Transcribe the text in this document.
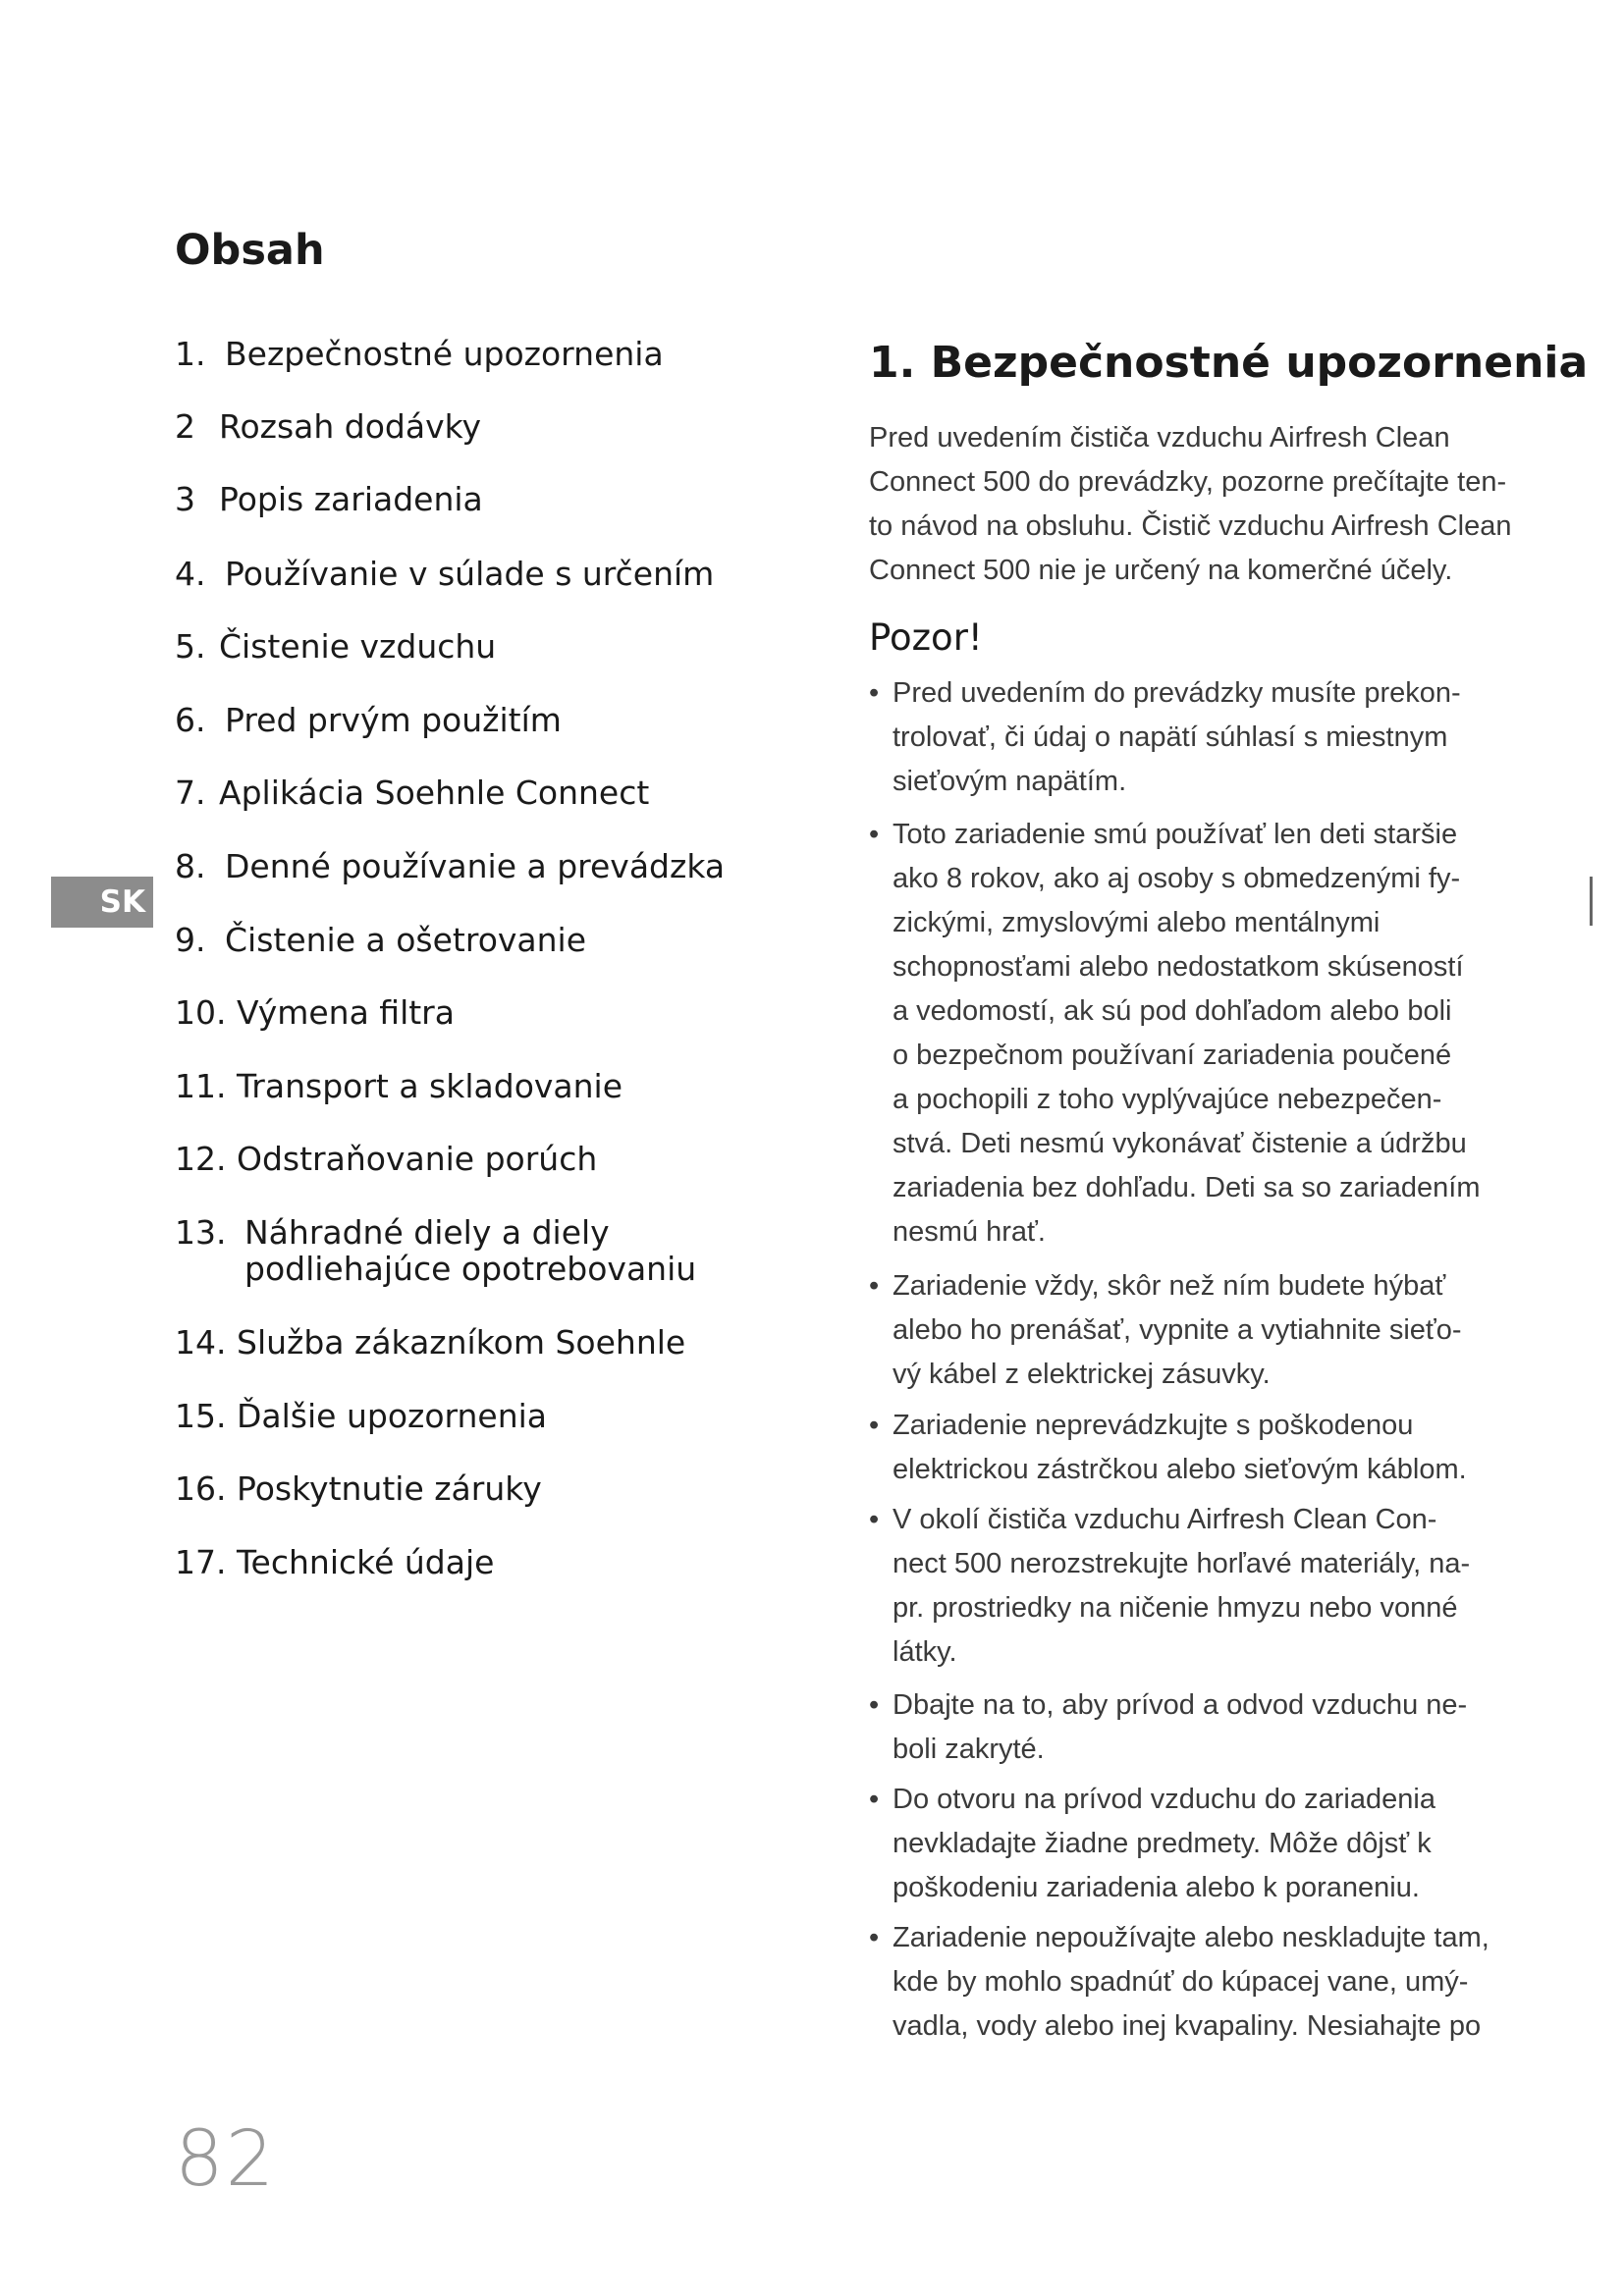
Obsah
1. Bezpečnostné upozornenia
2 Rozsah dodávky
3 Popis zariadenia
4. Používanie v súlade s určením
5. Čistenie vzduchu
6. Pred prvým použitím
7. Aplikácia Soehnle Connect
8. Denné používanie a prevádzka
9. Čistenie a ošetrovanie
10. Výmena filtra
11. Transport a skladovanie
12. Odstraňovanie porúch
13. Náhradné diely a diely
podliehajúce opotrebovaniu
14. Služba zákazníkom Soehnle
15. Ďalšie upozornenia
16. Poskytnutie záruky
17. Technické údaje
SK
1. Bezpečnostné upozornenia

Pred uvedením čističa vzduchu Airfresh Clean
Connect 500 do prevádzky, pozorne prečítajte ten-
to návod na obsluhu. Čistič vzduchu Airfresh Clean
Connect 500 nie je určený na komerčné účely.

Pozor!
• Pred uvedením do prevádzky musíte prekon-
trolovať, či údaj o napätí súhlasí s miestnym
sieťovým napätím.
• Toto zariadenie smú používať len deti staršie
ako 8 rokov, ako aj osoby s obmedzenými fy-
zickými, zmyslovými alebo mentálnymi
schopnosťami alebo nedostatkom skúseností
a vedomostí, ak sú pod dohľadom alebo boli
o bezpečnom používaní zariadenia poučené
a pochopili z toho vyplývajúce nebezpečen-
stvá. Deti nesmú vykonávať čistenie a údržbu
zariadenia bez dohľadu. Deti sa so zariadením
nesmú hrať.
• Zariadenie vždy, skôr než ním budete hýbať
alebo ho prenášať, vypnite a vytiahnite sieťo-
vý kábel z elektrickej zásuvky.
• Zariadenie neprevádzkujte s poškodenou
elektrickou zástrčkou alebo sieťovým káblom.
• V okolí čističa vzduchu Airfresh Clean Con-
nect 500 nerozstrekujte horľavé materiály, na-
pr. prostriedky na ničenie hmyzu nebo vonné
látky.
• Dbajte na to, aby prívod a odvod vzduchu ne-
boli zakryté.
• Do otvoru na prívod vzduchu do zariadenia
nevkladajte žiadne predmety. Môže dôjsť k
poškodeniu zariadenia alebo k poraneniu.
• Zariadenie nepoužívajte alebo neskladujte tam,
kde by mohlo spadnúť do kúpacej vane, umý-
vadla, vody alebo inej kvapaliny. Nesiahajte po
82
